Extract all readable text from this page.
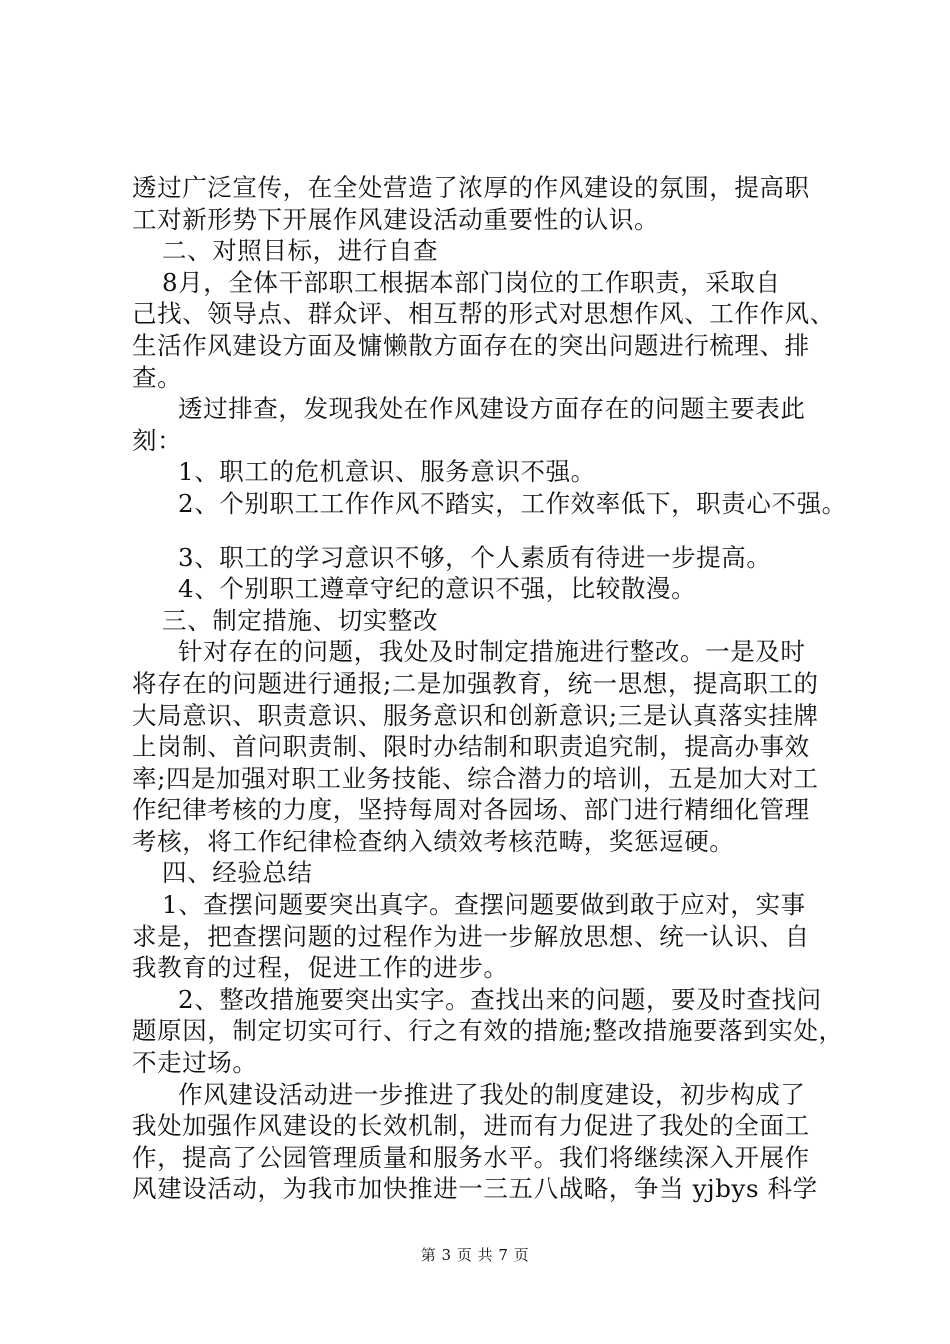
透过广泛宣传，在全处营造了浓厚的作风建设的氛围，提高职
工对新形势下开展作风建设活动重要性的认识。
二、对照目标，进行自查
8月，全体干部职工根据本部门岗位的工作职责，采取自
己找、领导点、群众评、相互帮的形式对思想作风、工作作风、
生活作风建设方面及慵懒散方面存在的突出问题进行梳理、排
查。
透过排查，发现我处在作风建设方面存在的问题主要表此
刻：
1、职工的危机意识、服务意识不强。
2、个别职工工作作风不踏实，工作效率低下，职责心不强。
3、职工的学习意识不够，个人素质有待进一步提高。
4、个别职工遵章守纪的意识不强，比较散漫。
三、制定措施、切实整改
针对存在的问题，我处及时制定措施进行整改。一是及时
将存在的问题进行通报;二是加强教育，统一思想，提高职工的
大局意识、职责意识、服务意识和创新意识;三是认真落实挂牌
上岗制、首问职责制、限时办结制和职责追究制，提高办事效
率;四是加强对职工业务技能、综合潜力的培训，五是加大对工
作纪律考核的力度，坚持每周对各园场、部门进行精细化管理
考核，将工作纪律检查纳入绩效考核范畴，奖惩逗硬。
四、经验总结
1、查摆问题要突出真字。查摆问题要做到敢于应对，实事
求是，把查摆问题的过程作为进一步解放思想、统一认识、自
我教育的过程，促进工作的进步。
2、整改措施要突出实字。查找出来的问题，要及时查找问
题原因，制定切实可行、行之有效的措施;整改措施要落到实处，
不走过场。
作风建设活动进一步推进了我处的制度建设，初步构成了
我处加强作风建设的长效机制，进而有力促进了我处的全面工
作，提高了公园管理质量和服务水平。我们将继续深入开展作
风建设活动，为我市加快推进一三五八战略，争当 yjbys 科学
第 3 页 共 7 页
